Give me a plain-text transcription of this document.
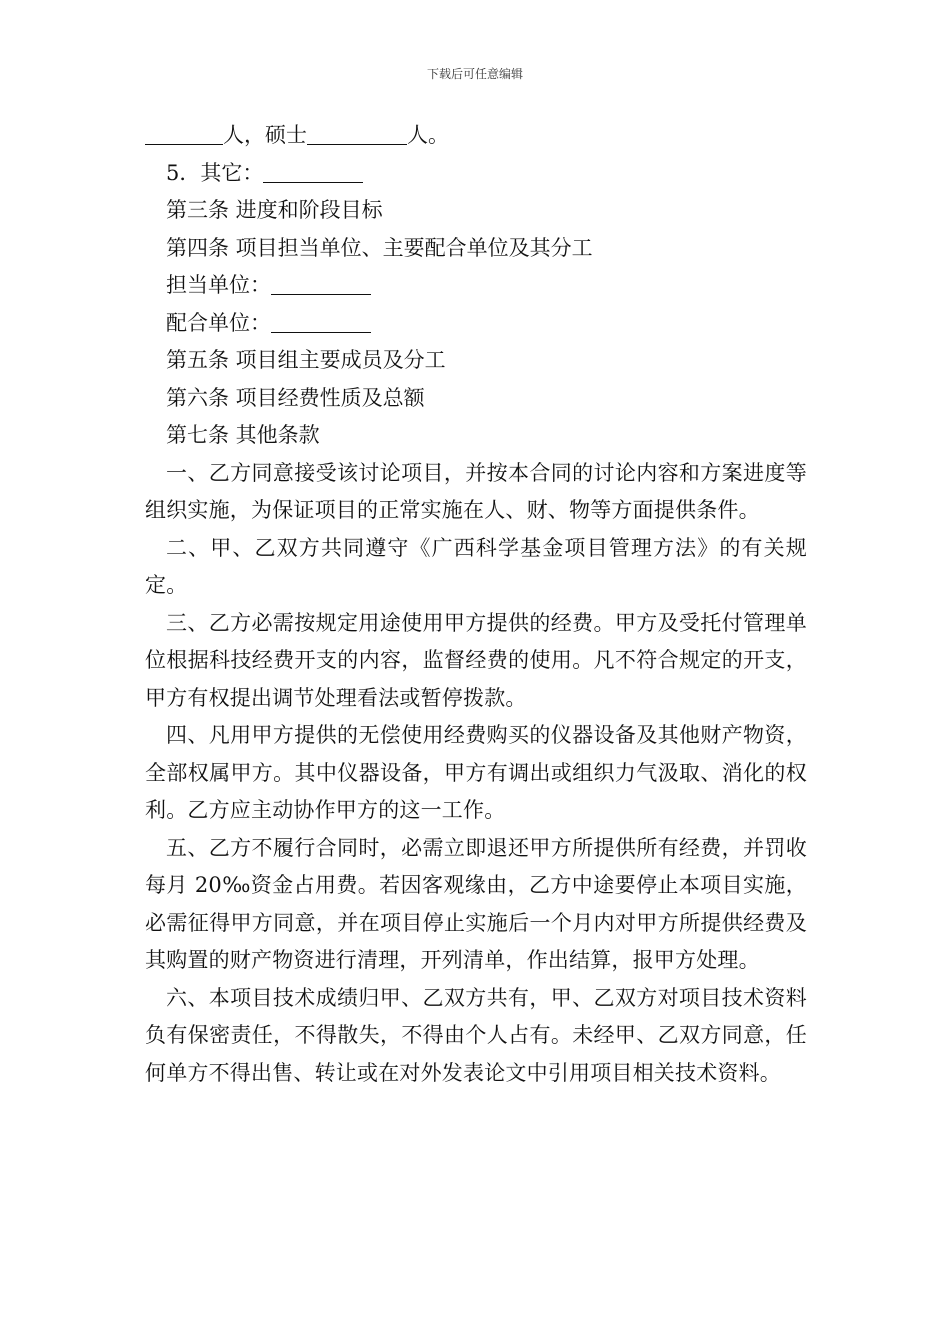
下载后可任意编辑
人，硕士	人。
5．其它：
第三条 进度和阶段目标
第四条 项目担当单位、主要配合单位及其分工
担当单位：
配合单位：
第五条 项目组主要成员及分工
第六条 项目经费性质及总额
第七条 其他条款
一、乙方同意接受该讨论项目，并按本合同的讨论内容和方案进度等组织实施，为保证项目的正常实施在人、财、物等方面提供条件。
二、甲、乙双方共同遵守《广西科学基金项目管理方法》的有关规定。
三、乙方必需按规定用途使用甲方提供的经费。甲方及受托付管理单位根据科技经费开支的内容，监督经费的使用。凡不符合规定的开支，甲方有权提出调节处理看法或暂停拨款。
四、凡用甲方提供的无偿使用经费购买的仪器设备及其他财产物资，全部权属甲方。其中仪器设备，甲方有调出或组织力气汲取、消化的权利。乙方应主动协作甲方的这一工作。
五、乙方不履行合同时，必需立即退还甲方所提供所有经费，并罚收每月 20‰资金占用费。若因客观缘由，乙方中途要停止本项目实施，必需征得甲方同意，并在项目停止实施后一个月内对甲方所提供经费及其购置的财产物资进行清理，开列清单，作出结算，报甲方处理。
六、本项目技术成绩归甲、乙双方共有，甲、乙双方对项目技术资料负有保密责任，不得散失，不得由个人占有。未经甲、乙双方同意，任何单方不得出售、转让或在对外发表论文中引用项目相关技术资料。
